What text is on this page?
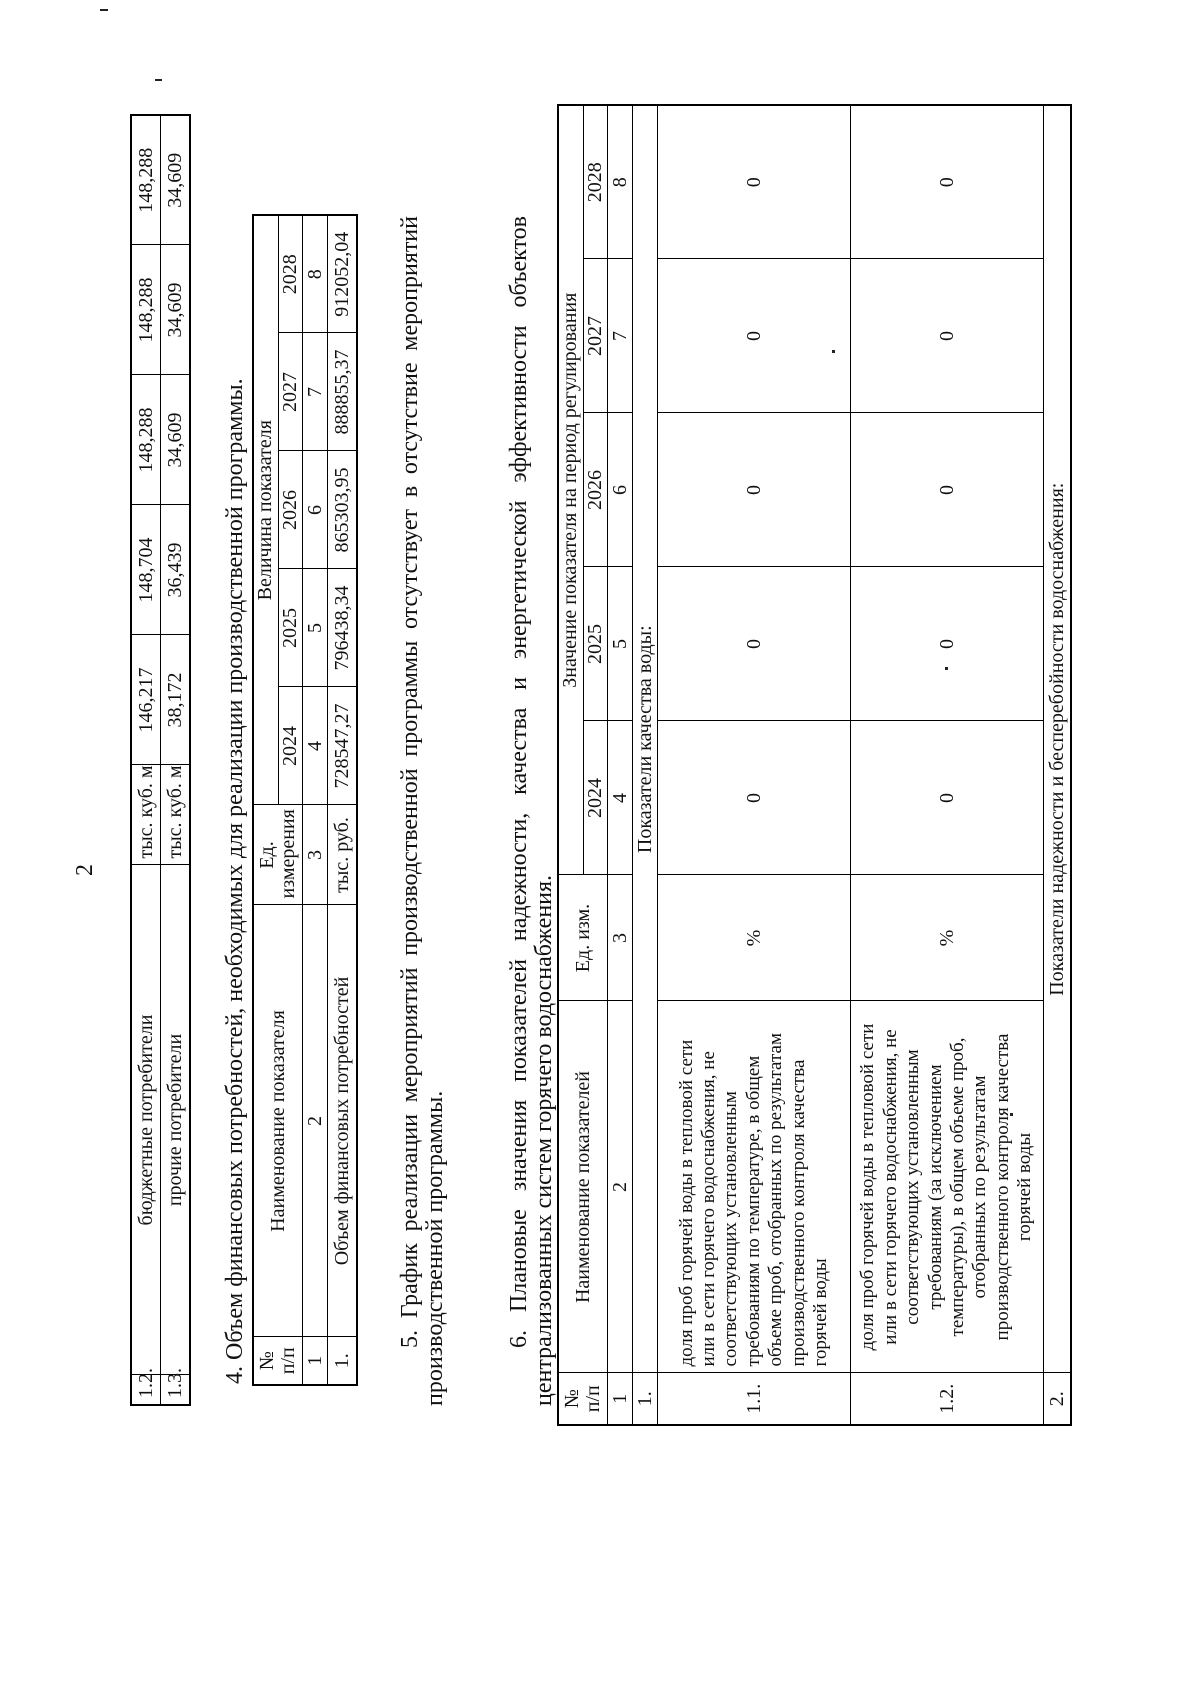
2
1.2.	бюджетные потребители	тыс. куб. м	146,217	148,704	148,288	148,288	148,288
1.3.	прочие потребители	тыс. куб. м	38,172	36,439	34,609	34,609	34,609
4. Объем финансовых потребностей, необходимых для реализации производственной программы. № п/п	Наименование показателя	Ед. измерения	Величина показателя				
			2024	2025	2026	2027	2028
1	2	3	4	5	6	7	8
1.	Объем финансовых потребностей	тыс. руб.	728547,27	796438,34	865303,95	888855,37	912052,04 5. График реализации мероприятий производственной программы отсутствует в отсутствие мероприятий производственной программы. 6. Плановые значения показателей надежности, качества и энергетической эффективности объектов централизованных систем горячего водоснабжения. № п/п	Наименование показателей	Ед. изм.	Значение показателя на период регулирования				
			2024	2025	2026	2027	2028
1	2	3	4	5	6	7	8
1.	Показатели качества воды:						
1.1.	доля проб горячей воды в тепловой сети или в сети горячего водоснабжения, не соответствующих установленным требованиям по температуре, в общем объеме проб, отобранных по результатам производственного контроля качества горячей воды	%	0	0	0	0	0
1.2.	доля проб горячей воды в тепловой сети или в сети горячего водоснабжения, не соответствующих установленным требованиям (за исключением температуры), в общем объеме проб, отобранных по результатам производственного контроля качества горячей воды	%	0	0	0	0	0
2.	Показатели надежности и бесперебойности водоснабжения:						
